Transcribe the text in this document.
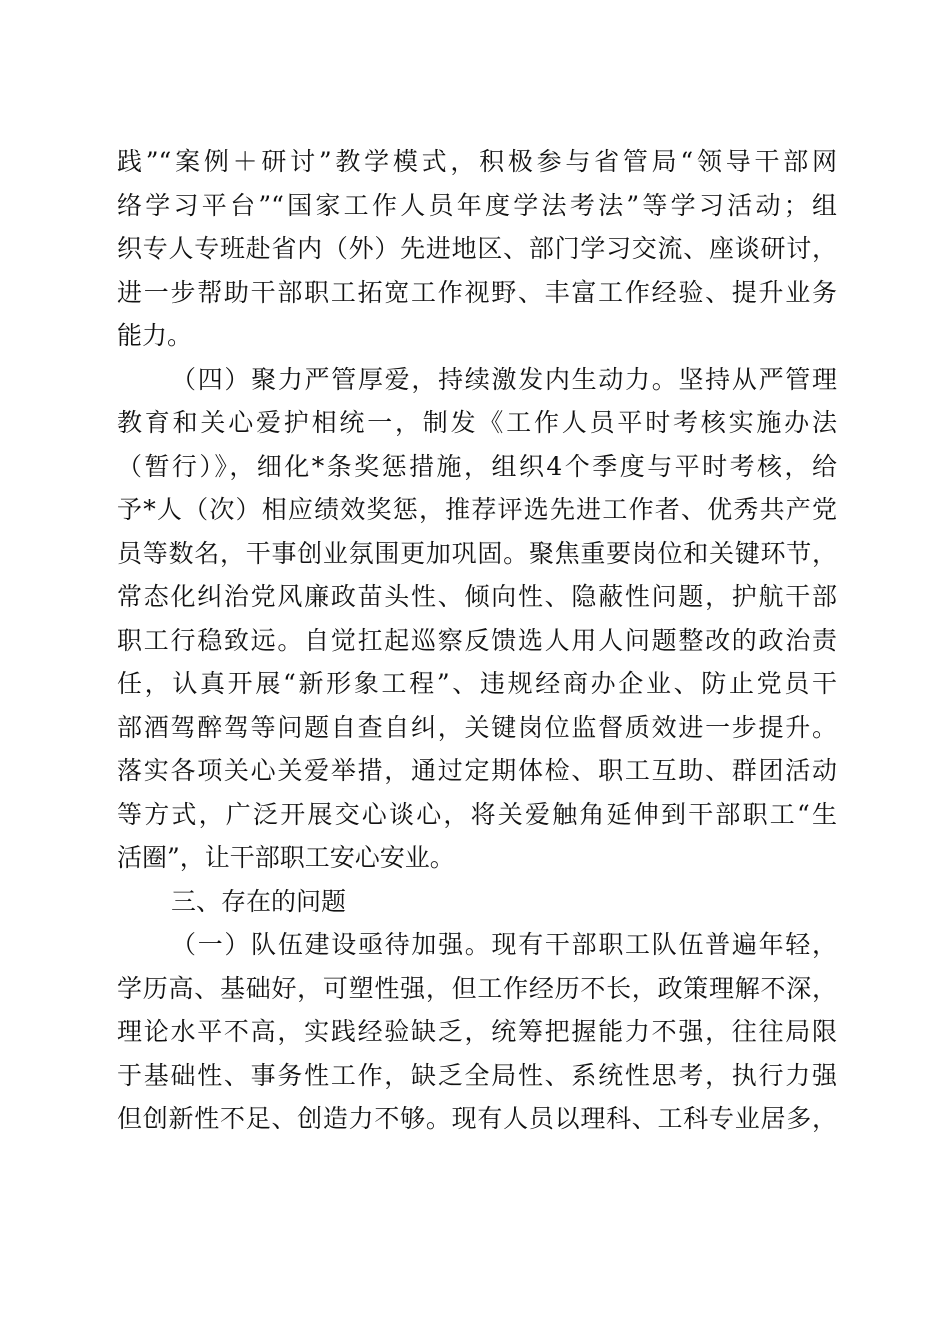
践”“案例＋研讨”教学模式，积极参与省管局“领导干部网
络学习平台”“国家工作人员年度学法考法”等学习活动；组
织专人专班赴省内（外）先进地区、部门学习交流、座谈研讨，
进一步帮助干部职工拓宽工作视野、丰富工作经验、提升业务
能力。
（四）聚力严管厚爱，持续激发内生动力。坚持从严管理
教育和关心爱护相统一，制发《工作人员平时考核实施办法
（暂行）》，细化*条奖惩措施，组织4个季度与平时考核，给
予*人（次）相应绩效奖惩，推荐评选先进工作者、优秀共产党
员等数名，干事创业氛围更加巩固。聚焦重要岗位和关键环节，
常态化纠治党风廉政苗头性、倾向性、隐蔽性问题，护航干部
职工行稳致远。自觉扛起巡察反馈选人用人问题整改的政治责
任，认真开展“新形象工程”、违规经商办企业、防止党员干
部酒驾醉驾等问题自查自纠，关键岗位监督质效进一步提升。
落实各项关心关爱举措，通过定期体检、职工互助、群团活动
等方式，广泛开展交心谈心，将关爱触角延伸到干部职工“生
活圈”，让干部职工安心安业。
三、存在的问题
（一）队伍建设亟待加强。现有干部职工队伍普遍年轻，
学历高、基础好，可塑性强，但工作经历不长，政策理解不深，
理论水平不高，实践经验缺乏，统筹把握能力不强，往往局限
于基础性、事务性工作，缺乏全局性、系统性思考，执行力强
但创新性不足、创造力不够。现有人员以理科、工科专业居多，
